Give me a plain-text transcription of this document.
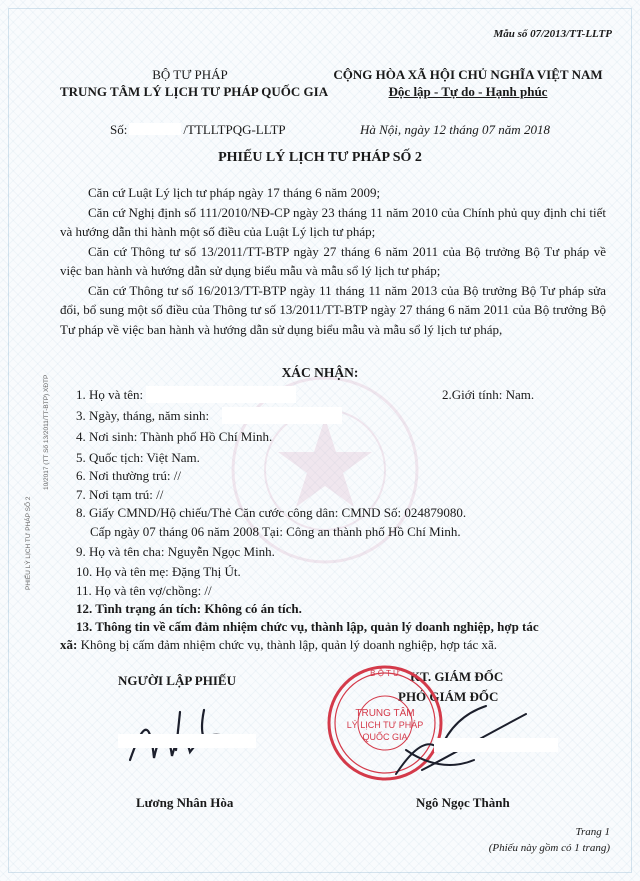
PHIẾU LÝ LỊCH TƯ PHÁP SỐ 2
10/2017 (TT Số 13/2011/TT-BTP) XĐTP
Mẫu số 07/2013/TT-LLTP
BỘ TƯ PHÁP
TRUNG TÂM LÝ LỊCH TƯ PHÁP QUỐC GIA
CỘNG HÒA XÃ HỘI CHỦ NGHĨA VIỆT NAM
Độc lập - Tự do - Hạnh phúc
Số:	/TTLLTPQG-LLTP	Hà Nội, ngày 12 tháng 07 năm 2018
PHIẾU LÝ LỊCH TƯ PHÁP SỐ 2

Căn cứ Luật Lý lịch tư pháp ngày 17 tháng 6 năm 2009;

Căn cứ Nghị định số 111/2010/NĐ-CP ngày 23 tháng 11 năm 2010 của Chính phủ quy định chi tiết và hướng dẫn thi hành một số điều của Luật Lý lịch tư pháp;

Căn cứ Thông tư số 13/2011/TT-BTP ngày 27 tháng 6 năm 2011 của Bộ trưởng Bộ Tư pháp về việc ban hành và hướng dẫn sử dụng biểu mẫu và mẫu sổ lý lịch tư pháp;

Căn cứ Thông tư số 16/2013/TT-BTP ngày 11 tháng 11 năm 2013 của Bộ trưởng Bộ Tư pháp sửa đổi, bổ sung một số điều của Thông tư số 13/2011/TT-BTP ngày 27 tháng 6 năm 2011 của Bộ trưởng Bộ Tư pháp về việc ban hành và hướng dẫn sử dụng biểu mẫu và mẫu sổ lý lịch tư pháp,

XÁC NHẬN:
1. Họ và tên:	2.Giới tính: Nam.
3. Ngày, tháng, năm sinh:
4. Nơi sinh: Thành phố Hồ Chí Minh.
5. Quốc tịch: Việt Nam.
6. Nơi thường trú: //
7. Nơi tạm trú: //
8. Giấy CMND/Hộ chiếu/Thẻ Căn cước công dân: CMND Số: 024879080.
Cấp ngày 07 tháng 06 năm 2008 Tại: Công an thành phố Hồ Chí Minh.
9. Họ và tên cha: Nguyễn Ngọc Minh.
10. Họ và tên mẹ: Đặng Thị Út.
11. Họ và tên vợ/chồng: //
12. Tình trạng án tích: Không có án tích.
13. Thông tin về cấm đảm nhiệm chức vụ, thành lập, quản lý doanh nghiệp, hợp tác
xã: Không bị cấm đảm nhiệm chức vụ, thành lập, quản lý doanh nghiệp, hợp tác xã.
NGƯỜI LẬP PHIẾU	KT. GIÁM ĐỐC
PHÓ GIÁM ĐỐC
B Ộ T Ư
TRUNG TÂM
LÝ LỊCH TƯ PHÁP
QUỐC GIA
Lương Nhân Hòa	Ngô Ngọc Thành
Trang 1
(Phiếu này gồm có 1 trang)
